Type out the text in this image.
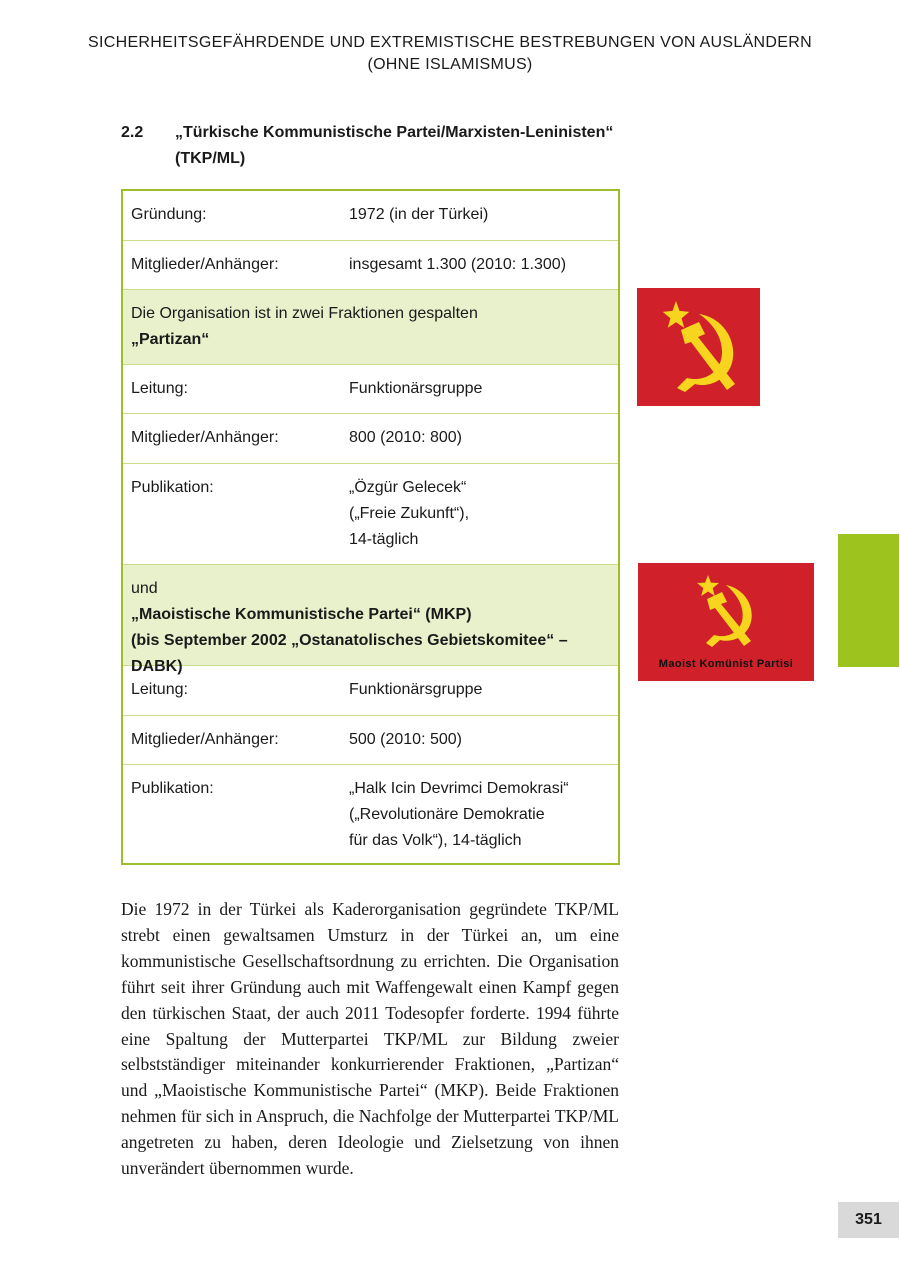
SICHERHEITSGEFÄHRDENDE UND EXTREMISTISCHE BESTREBUNGEN VON AUSLÄNDERN
(OHNE ISLAMISMUS)
2.2 „Türkische Kommunistische Partei/Marxisten-Leninisten“
(TKP/ML)
Gründung:	1972 (in der Türkei)
Mitglieder/Anhänger:	insgesamt 1.300 (2010: 1.300)
Die Organisation ist in zwei Fraktionen gespalten
„Partizan“
Leitung:	Funktionärsgruppe
Mitglieder/Anhänger:	800 (2010: 800)
Publikation:	„Özgür Gelecek“
(„Freie Zukunft“),
14-täglich
und
„Maoistische Kommunistische Partei“ (MKP)
(bis September 2002 „Ostanatolisches Gebietskomitee“ – DABK)
Leitung:	Funktionärsgruppe
Mitglieder/Anhänger:	500 (2010: 500)
Publikation:	„Halk Icin Devrimci Demokrasi“
(„Revolutionäre Demokratie
für das Volk“), 14-täglich
Die 1972 in der Türkei als Kaderorganisation gegründete TKP/ML strebt einen gewaltsamen Umsturz in der Türkei an, um eine kommunistische Gesellschaftsordnung zu errichten. Die Organisation führt seit ihrer Gründung auch mit Waffengewalt einen Kampf gegen den türkischen Staat, der auch 2011 Todesopfer forderte. 1994 führte eine Spaltung der Mutterpartei TKP/ML zur Bildung zweier selbstständiger miteinander konkurrierender Fraktionen, „Partizan“ und „Maoistische Kommunistische Partei“ (MKP). Beide Fraktionen nehmen für sich in Anspruch, die Nachfolge der Mutterpartei TKP/ML angetreten zu haben, deren Ideologie und Zielsetzung von ihnen unverändert übernommen wurde.
Maoist Komünist Partisi
351
